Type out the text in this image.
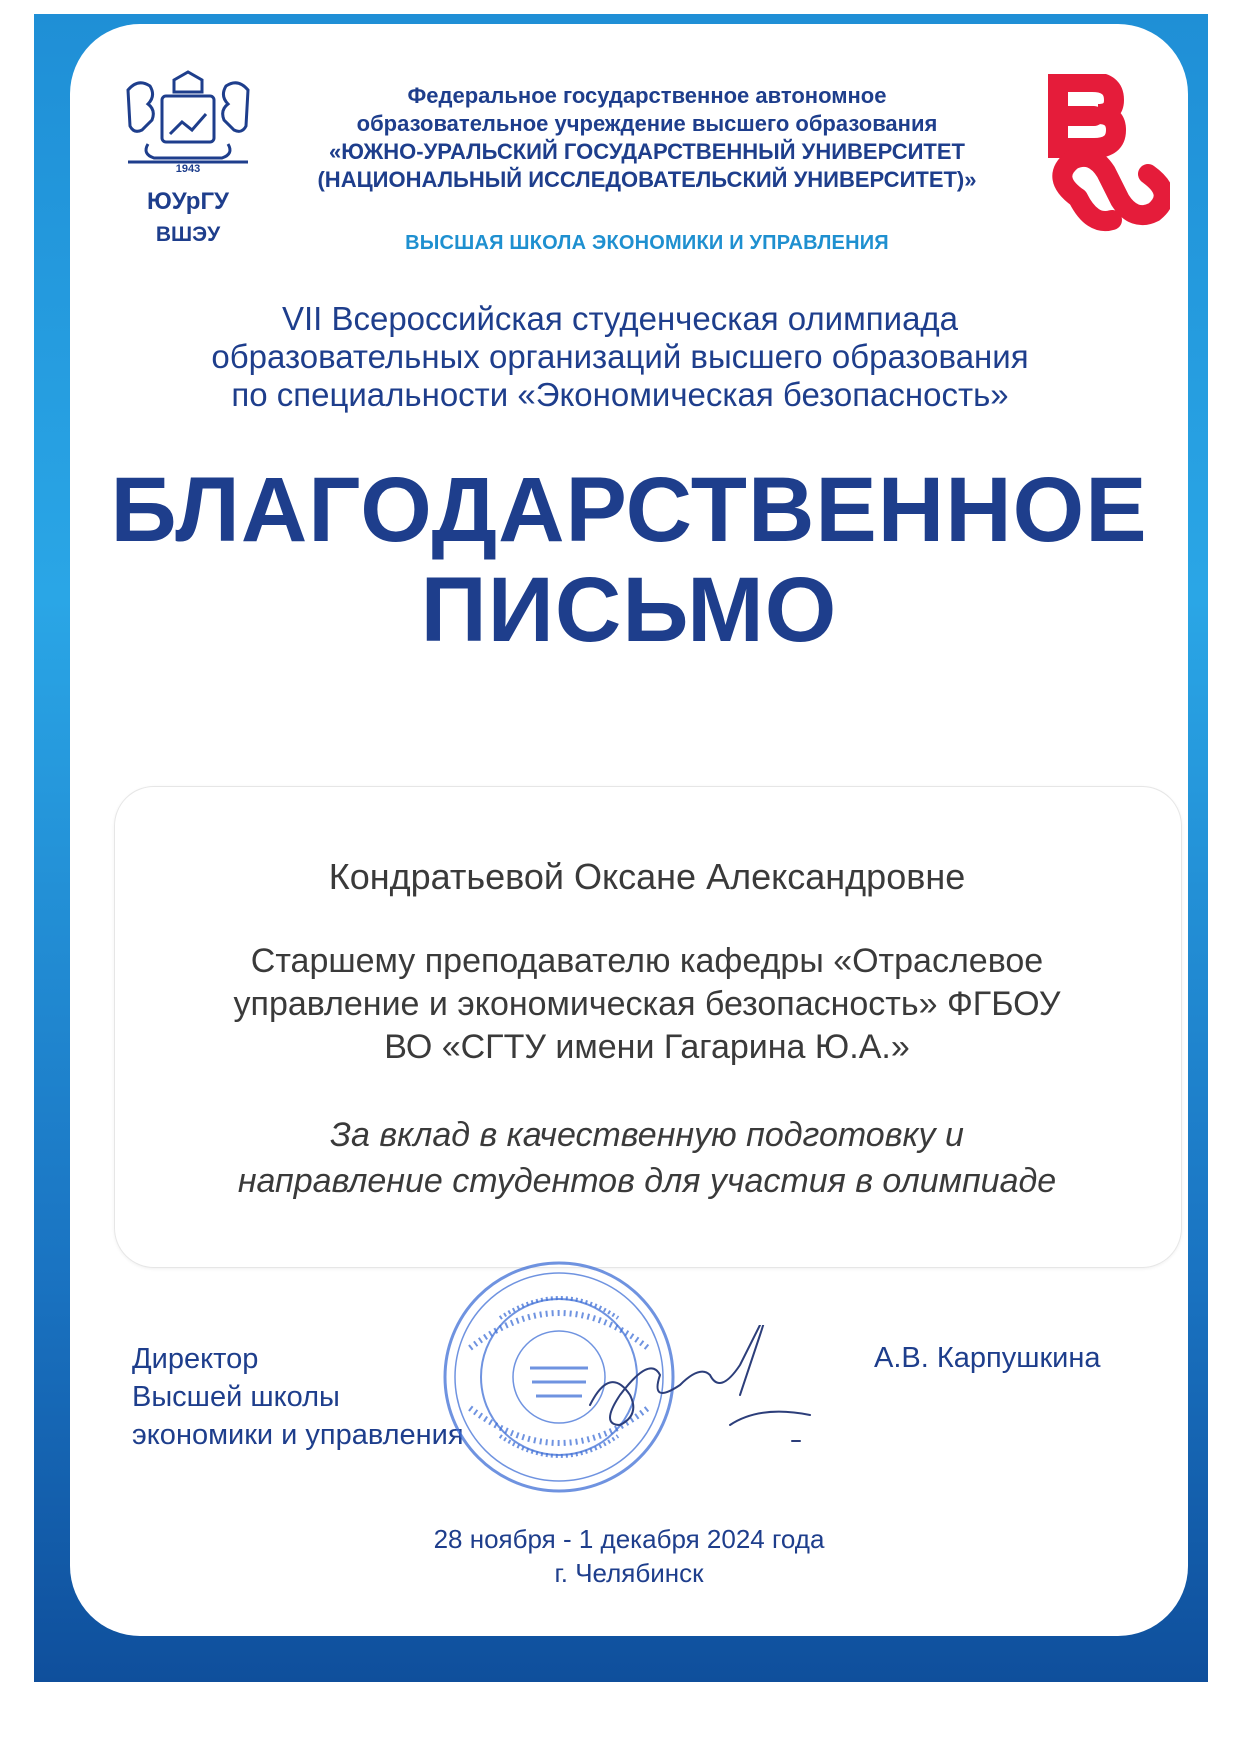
1943
ЮУрГУ
ВШЭУ
Федеральное государственное автономное
образовательное учреждение высшего образования
«ЮЖНО-УРАЛЬСКИЙ ГОСУДАРСТВЕННЫЙ УНИВЕРСИТЕТ
(НАЦИОНАЛЬНЫЙ ИССЛЕДОВАТЕЛЬСКИЙ УНИВЕРСИТЕТ)»
ВЫСШАЯ ШКОЛА ЭКОНОМИКИ И УПРАВЛЕНИЯ
VII Всероссийская студенческая олимпиада
образовательных организаций высшего образования
по специальности «Экономическая безопасность»
БЛАГОДАРСТВЕННОЕ
ПИСЬМО
Кондратьевой Оксане Александровне
Старшему преподавателю кафедры «Отраслевое
управление и экономическая безопасность» ФГБОУ
ВО «СГТУ имени Гагарина Ю.А.»
За вклад в качественную подготовку и
направление студентов для участия в олимпиаде
Директор
Высшей школы
экономики и управления
А.В. Карпушкина
28 ноября - 1 декабря 2024 года
г. Челябинск
